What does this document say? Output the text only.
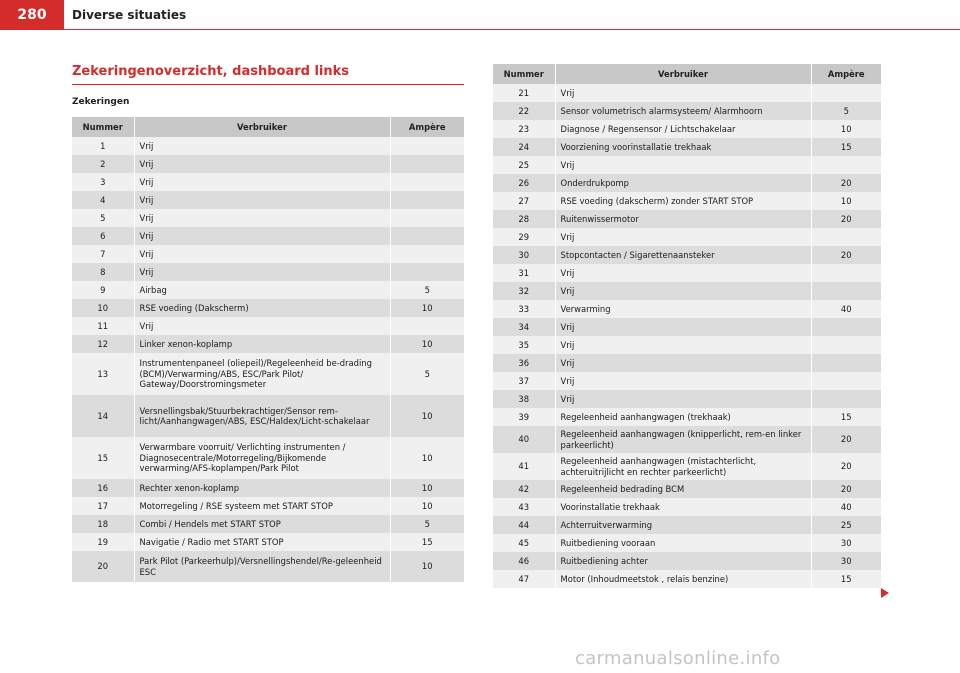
280	Diverse situaties
Zekeringenoverzicht, dashboard links
Zekeringen
Nummer	Verbruiker	Ampère
1	Vrij	
2	Vrij	
3	Vrij	
4	Vrij	
5	Vrij	
6	Vrij	
7	Vrij	
8	Vrij	
9	Airbag	5
10	RSE voeding (Dakscherm)	10
11	Vrij	
12	Linker xenon-koplamp	10
13	Instrumentenpaneel (oliepeil)/Regeleenheid be-drading (BCM)/Verwarming/ABS, ESC/Park Pilot/ Gateway/Doorstromingsmeter	5
14	Versnellingsbak/Stuurbekrachtiger/Sensor rem-licht/Aanhangwagen/ABS, ESC/Haldex/Licht-schakelaar	10
15	Verwarmbare voorruit/ Verlichting instrumenten / Diagnosecentrale/Motorregeling/Bijkomende verwarming/AFS-koplampen/Park Pilot	10
16	Rechter xenon-koplamp	10
17	Motorregeling / RSE systeem met START STOP	10
18	Combi / Hendels met START STOP	5
19	Navigatie / Radio met START STOP	15
20	Park Pilot (Parkeerhulp)/Versnellingshendel/Re-geleenheid ESC	10
Nummer	Verbruiker	Ampère
21	Vrij	
22	Sensor volumetrisch alarmsysteem/ Alarmhoorn	5
23	Diagnose / Regensensor / Lichtschakelaar	10
24	Voorziening voorinstallatie trekhaak	15
25	Vrij	
26	Onderdrukpomp	20
27	RSE voeding (dakscherm) zonder START STOP	10
28	Ruitenwissermotor	20
29	Vrij	
30	Stopcontacten / Sigarettenaansteker	20
31	Vrij	
32	Vrij	
33	Verwarming	40
34	Vrij	
35	Vrij	
36	Vrij	
37	Vrij	
38	Vrij	
39	Regeleenheid aanhangwagen (trekhaak)	15
40	Regeleenheid aanhangwagen (knipperlicht, rem-en linker parkeerlicht)	20
41	Regeleenheid aanhangwagen (mistachterlicht, achteruitrijlicht en rechter parkeerlicht)	20
42	Regeleenheid bedrading BCM	20
43	Voorinstallatie trekhaak	40
44	Achterruitverwarming	25
45	Ruitbediening vooraan	30
46	Ruitbediening achter	30
47	Motor (Inhoudmeetstok , relais benzine)	15
carmanualsonline.info
